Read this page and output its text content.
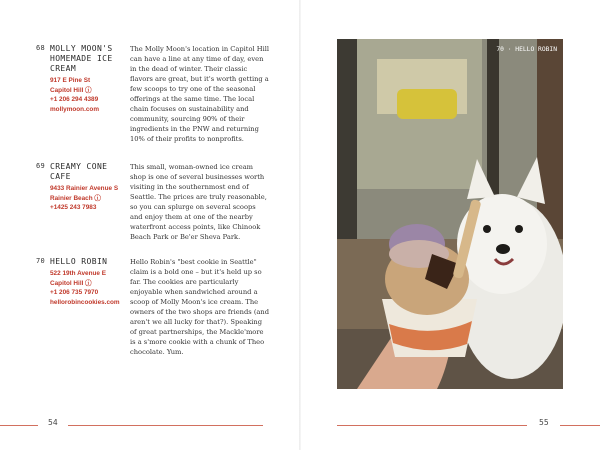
68 MOLLY MOON'S HOMEMADE ICE CREAM
917 E Pine St
Capitol Hill ⓘ
+1 206 294 4389
mollymoon.com
The Molly Moon's location in Capitol Hill can have a line at any time of day, even in the dead of winter. Their classic flavors are great, but it's worth getting a few scoops to try one of the seasonal offerings at the same time. The local chain focuses on sustainability and community, sourcing 90% of their ingredients in the PNW and returning 10% of their profits to nonprofits.
69 CREAMY CONE CAFE
9433 Rainier Avenue S
Rainier Beach ⓘ
+1425 243 7983
This small, woman-owned ice cream shop is one of several businesses worth visiting in the southernmost end of Seattle. The prices are truly reasonable, so you can splurge on several scoops and enjoy them at one of the nearby waterfront access points, like Chinook Beach Park or Be'er Sheva Park.
70 HELLO ROBIN
522 19th Avenue E
Capitol Hill ⓘ
+1 206 735 7970
hellorobincookies.com
Hello Robin's "best cookie in Seattle" claim is a bold one – but it's held up so far. The cookies are particularly enjoyable when sandwiched around a scoop of Molly Moon's ice cream. The owners of the two shops are friends (and aren't we all lucky for that?). Speaking of great partnerships, the Mackle'more is a s'more cookie with a chunk of Theo chocolate. Yum.
70 · HELLO ROBIN
54	55
